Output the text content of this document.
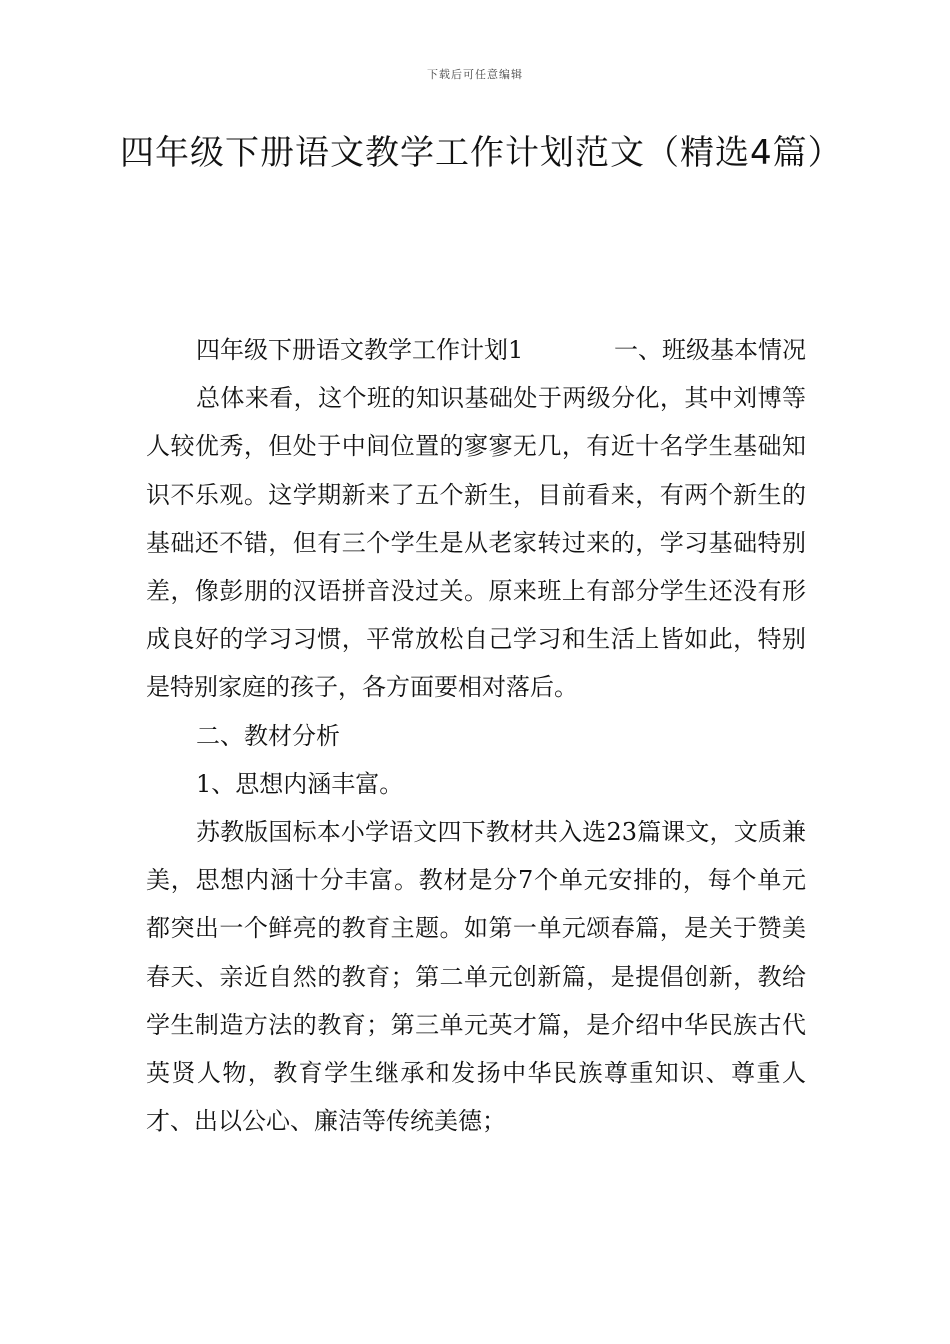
下载后可任意编辑
四年级下册语文教学工作计划范文（精选4篇）
四年级下册语文教学工作计划1	一、班级基本情况

总体来看，这个班的知识基础处于两级分化，其中刘博等人较优秀，但处于中间位置的寥寥无几，有近十名学生基础知识不乐观。这学期新来了五个新生，目前看来，有两个新生的基础还不错，但有三个学生是从老家转过来的，学习基础特别差，像彭朋的汉语拼音没过关。原来班上有部分学生还没有形成良好的学习习惯，平常放松自己学习和生活上皆如此，特别是特别家庭的孩子，各方面要相对落后。

二、教材分析

1、思想内涵丰富。

苏教版国标本小学语文四下教材共入选23篇课文，文质兼美，思想内涵十分丰富。教材是分7个单元安排的，每个单元都突出一个鲜亮的教育主题。如第一单元颂春篇，是关于赞美春天、亲近自然的教育；第二单元创新篇，是提倡创新，教给学生制造方法的教育；第三单元英才篇，是介绍中华民族古代英贤人物，教育学生继承和发扬中华民族尊重知识、尊重人才、出以公心、廉洁等传统美德；
